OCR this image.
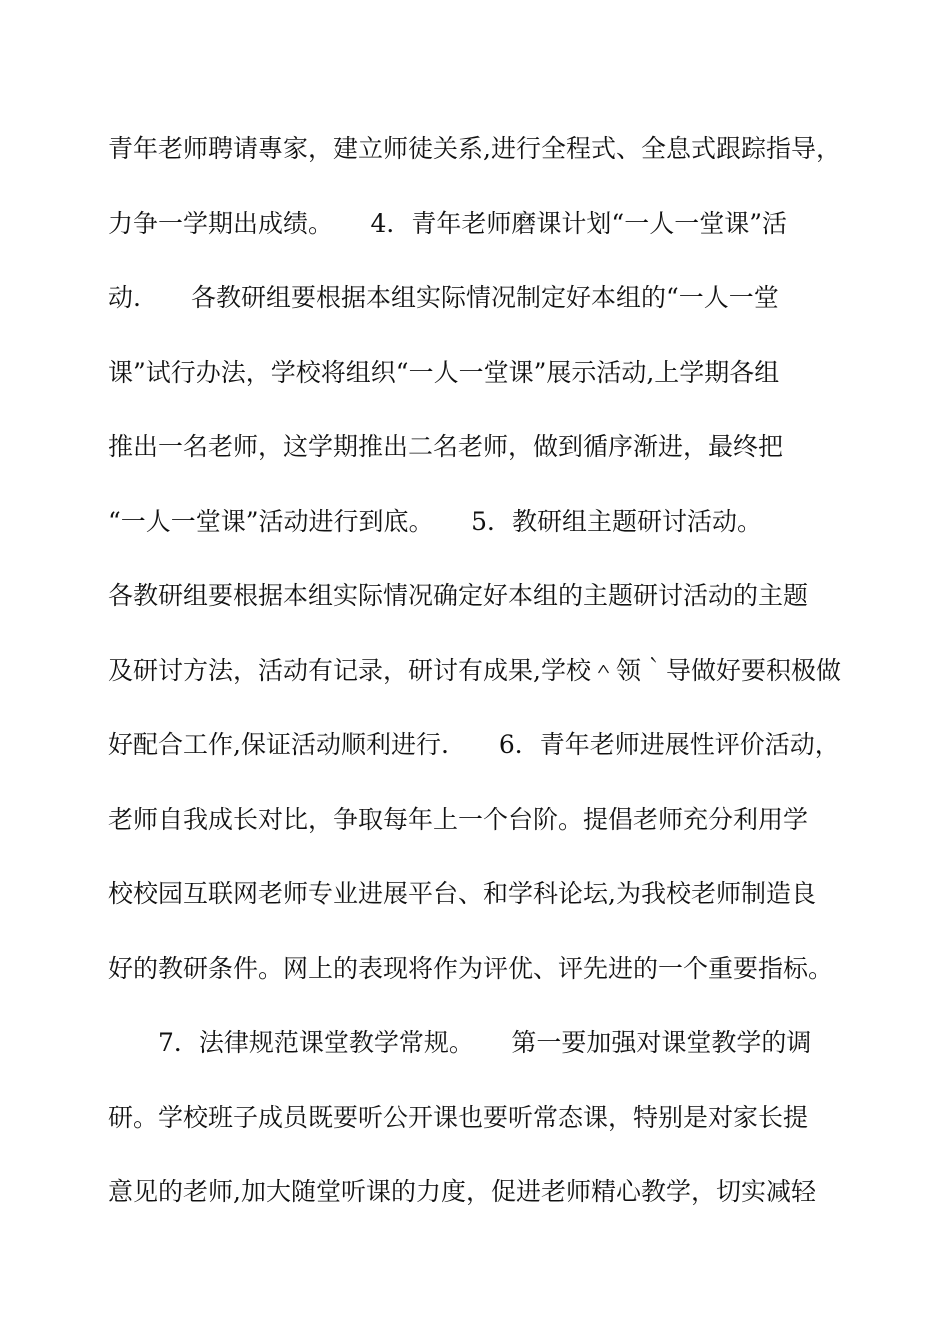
青年老师聘请專家，建立师徒关系,进行全程式、全息式跟踪指导，
力争一学期出成绩。　　4．青年老师磨课计划“一人一堂课”活
动.　　各教研组要根据本组实际情况制定好本组的“一人一堂
课”试行办法，学校将组织“一人一堂课”展示活动,上学期各组
推出一名老师，这学期推出二名老师，做到循序渐进，最终把
“一人一堂课”活动进行到底。　　5．教研组主题研讨活动。
各教研组要根据本组实际情况确定好本组的主题研讨活动的主题
及研讨方法，活动有记录，研讨有成果,学校＾领｀导做好要积极做
好配合工作,保证活动顺利进行.　　6．青年老师进展性评价活动，
老师自我成长对比，争取每年上一个台阶。提倡老师充分利用学
校校园互联网老师专业进展平台、和学科论坛,为我校老师制造良
好的教研条件。网上的表现将作为评优、评先进的一个重要指标。
　　7．法律规范课堂教学常规。　　第一要加强对课堂教学的调
研。学校班子成员既要听公开课也要听常态课，特别是对家长提
意见的老师,加大随堂听课的力度，促进老师精心教学，切实减轻
